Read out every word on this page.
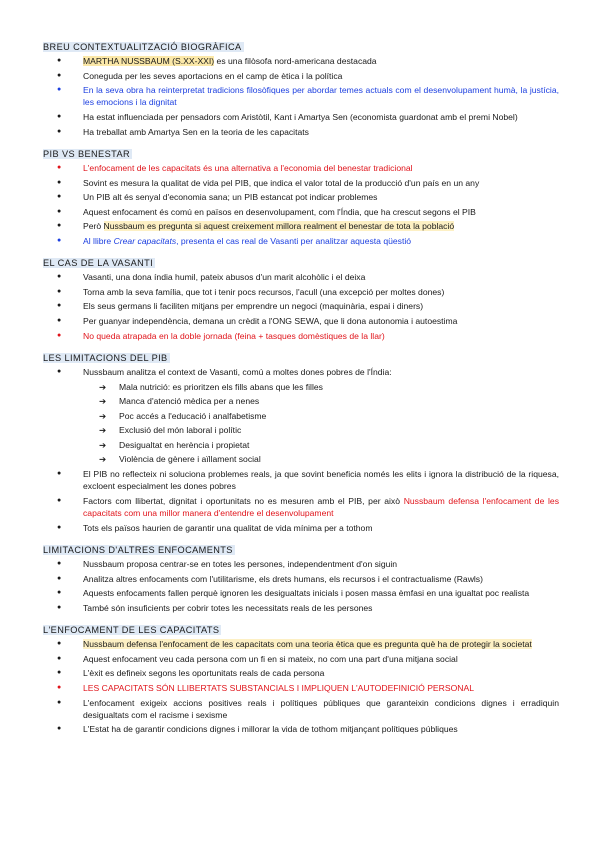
BREU CONTEXTUALITZACIÓ BIOGRÀFICA
● MARTHA NUSSBAUM (S.XX-XXI) es una filòsofa nord-americana destacada
● Coneguda per les seves aportacions en el camp de ètica i la política
● En la seva obra ha reinterpretat tradicions filosòfiques per abordar temes actuals com el desenvolupament humà, la justícia, les emocions i la dignitat
● Ha estat influenciada per pensadors com Aristòtil, Kant i Amartya Sen (economista guardonat amb el premi Nobel)
● Ha treballat amb Amartya Sen en la teoria de les capacitats
PIB VS BENESTAR
● L'enfocament de les capacitats és una alternativa a l'economia del benestar tradicional
● Sovint es mesura la qualitat de vida pel PIB, que indica el valor total de la producció d'un país en un any
● Un PIB alt és senyal d'economia sana; un PIB estancat pot indicar problemes
● Aquest enfocament és comú en països en desenvolupament, com l'Índia, que ha crescut segons el PIB
● Però Nussbaum es pregunta si aquest creixement millora realment el benestar de tota la població
● Al llibre Crear capacitats, presenta el cas real de Vasanti per analitzar aquesta qüestió
EL CAS DE LA VASANTI
● Vasanti, una dona índia humil, pateix abusos d'un marit alcohòlic i el deixa
● Torna amb la seva família, que tot i tenir pocs recursos, l'acull (una excepció per moltes dones)
● Els seus germans li faciliten mitjans per emprendre un negoci (maquinària, espai i diners)
● Per guanyar independència, demana un crèdit a l'ONG SEWA, que li dona autonomia i autoestima
● No queda atrapada en la doble jornada (feina + tasques domèstiques de la llar)
LES LIMITACIONS DEL PIB
● Nussbaum analitza el context de Vasanti, comú a moltes dones pobres de l'Índia:
➔ Mala nutrició: es prioritzen els fills abans que les filles
➔ Manca d'atenció mèdica per a nenes
➔ Poc accés a l'educació i analfabetisme
➔ Exclusió del món laboral i polític
➔ Desigualtat en herència i propietat
➔ Violència de gènere i aïllament social
● El PIB no reflecteix ni soluciona problemes reals, ja que sovint beneficia només les elits i ignora la distribució de la riquesa, excloent especialment les dones pobres
● Factors com llibertat, dignitat i oportunitats no es mesuren amb el PIB, per això Nussbaum defensa l'enfocament de les capacitats com una millor manera d'entendre el desenvolupament
● Tots els països haurien de garantir una qualitat de vida mínima per a tothom
LIMITACIONS D'ALTRES ENFOCAMENTS
● Nussbaum proposa centrar-se en totes les persones, independentment d'on siguin
● Analitza altres enfocaments com l'utilitarisme, els drets humans, els recursos i el contractualisme (Rawls)
● Aquests enfocaments fallen perquè ignoren les desigualtats inicials i posen massa èmfasi en una igualtat poc realista
● També són insuficients per cobrir totes les necessitats reals de les persones
L'ENFOCAMENT DE LES CAPACITATS
● Nussbaum defensa l'enfocament de les capacitats com una teoria ètica que es pregunta què ha de protegir la societat
● Aquest enfocament veu cada persona com un fi en si mateix, no com una part d'una mitjana social
● L'èxit es defineix segons les oportunitats reals de cada persona
● LES CAPACITATS SÓN LLIBERTATS SUBSTANCIALS I IMPLIQUEN L'AUTODEFINICIÓ PERSONAL
● L'enfocament exigeix accions positives reals i polítiques públiques que garanteixin condicions dignes i erradiquin desigualtats com el racisme i sexisme
● L'Estat ha de garantir condicions dignes i millorar la vida de tothom mitjançant polítiques públiques
